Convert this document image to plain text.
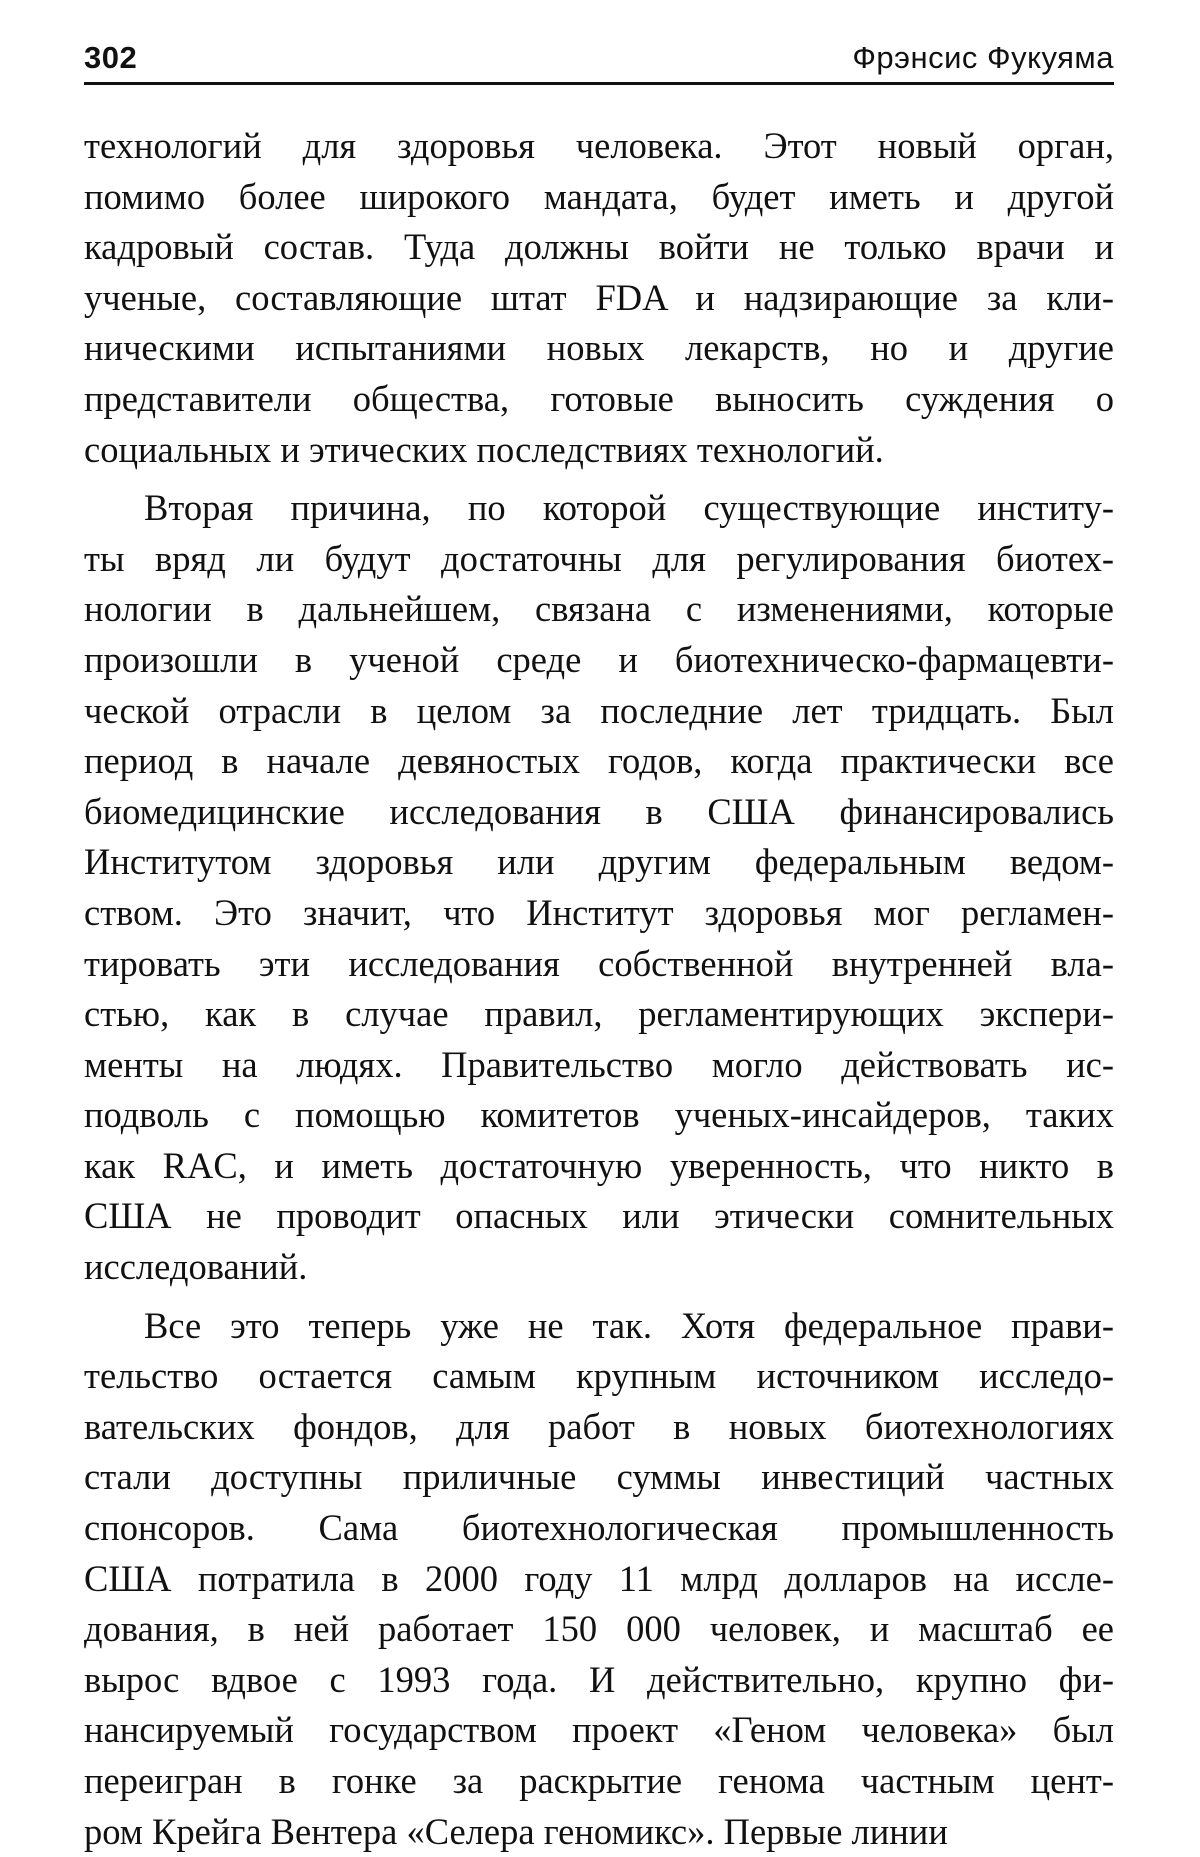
302	Фрэнсис Фукуяма
технологий для здоровья человека. Этот новый орган,
помимо более широкого мандата, будет иметь и другой
кадровый состав. Туда должны войти не только врачи и
ученые, составляющие штат FDA и надзирающие за кли-
ническими испытаниями новых лекарств, но и другие
представители общества, готовые выносить суждения о
социальных и этических последствиях технологий.
Вторая причина, по которой существующие институ-
ты вряд ли будут достаточны для регулирования биотех-
нологии в дальнейшем, связана с изменениями, которые
произошли в ученой среде и биотехническо-фармацевти-
ческой отрасли в целом за последние лет тридцать. Был
период в начале девяностых годов, когда практически все
биомедицинские исследования в США финансировались
Институтом здоровья или другим федеральным ведом-
ством. Это значит, что Институт здоровья мог регламен-
тировать эти исследования собственной внутренней вла-
стью, как в случае правил, регламентирующих экспери-
менты на людях. Правительство могло действовать ис-
подволь с помощью комитетов ученых-инсайдеров, таких
как RAC, и иметь достаточную уверенность, что никто в
США не проводит опасных или этически сомнительных
исследований.
Все это теперь уже не так. Хотя федеральное прави-
тельство остается самым крупным источником исследо-
вательских фондов, для работ в новых биотехнологиях
стали доступны приличные суммы инвестиций частных
спонсоров. Сама биотехнологическая промышленность
США потратила в 2000 году 11 млрд долларов на иссле-
дования, в ней работает 150 000 человек, и масштаб ее
вырос вдвое с 1993 года. И действительно, крупно фи-
нансируемый государством проект «Геном человека» был
переигран в гонке за раскрытие генома частным цент-
ром Крейга Вентера «Селера геномикс». Первые линии
